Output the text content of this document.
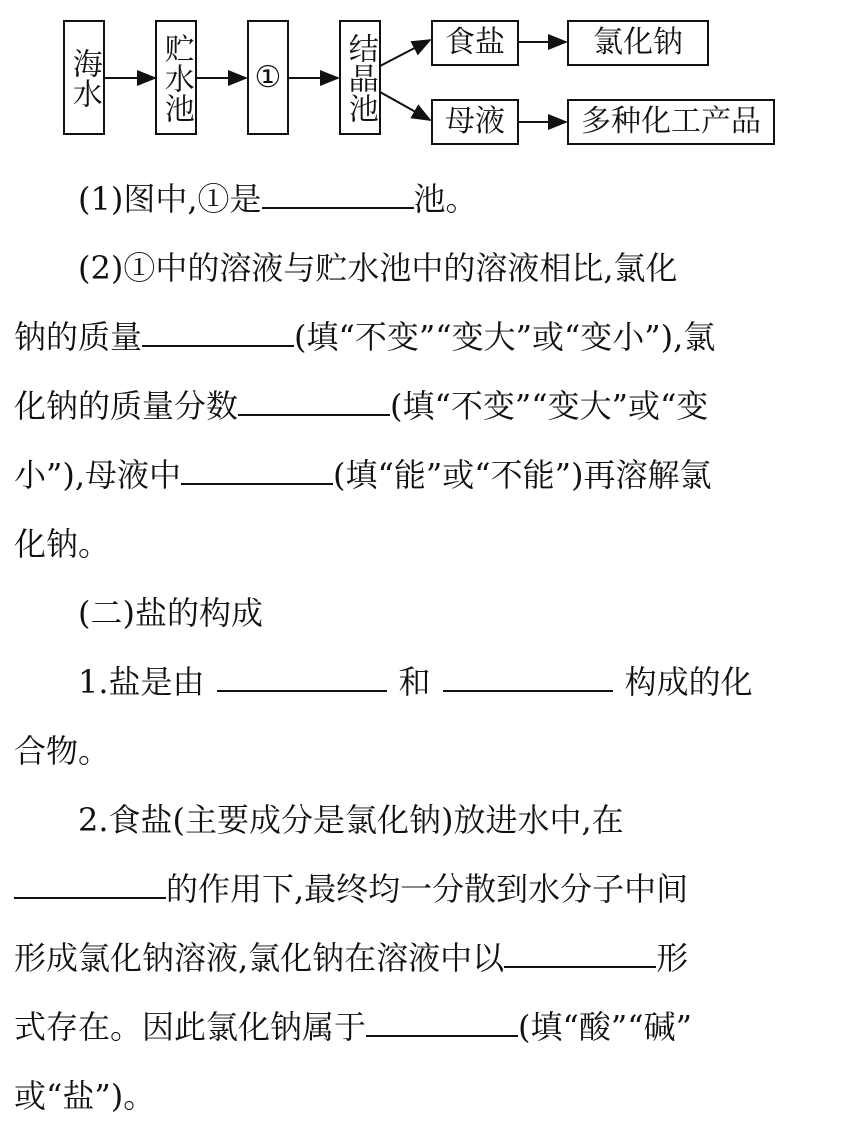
海水 贮水池 ① 结晶池	食盐	氯化钠
母液	多种化工产品
(1)图中,①是	池。
(2)①中的溶液与贮水池中的溶液相比,氯化
钠的质量	(填“不变”“变大”或“变小”),氯
化钠的质量分数	(填“不变”“变大”或“变
小”),母液中	(填“能”或“不能”)再溶解氯
化钠。
(二)盐的构成
1.盐是由	和	构成的化
合物。
2.食盐(主要成分是氯化钠)放进水中,在
的作用下,最终均一分散到水分子中间
形成氯化钠溶液,氯化钠在溶液中以	形
式存在。因此氯化钠属于	(填“酸”“碱”
或“盐”)。
